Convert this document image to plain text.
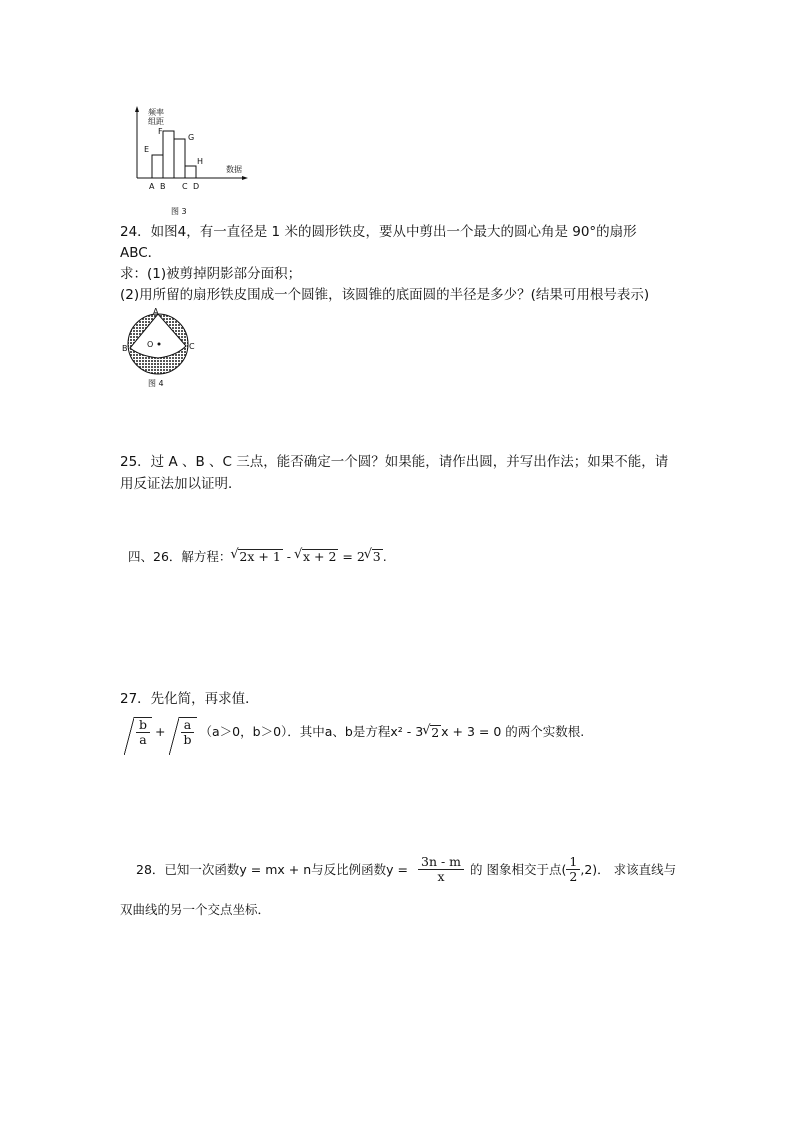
频率
组距
数据
E
F
G
H
A B C D
图 3
24．如图4，有一直径是 1 米的圆形铁皮，要从中剪出一个最大的圆心角是 90°的扇形
ABC．
求：(1)被剪掉阴影部分面积；
(2)用所留的扇形铁皮围成一个圆锥，该圆锥的底面圆的半径是多少？(结果可用根号表示)
A
B	C
O
图 4
25．过 A 、B 、C 三点，能否确定一个圆？如果能，请作出圆，并写出作法；如果不能，请
用反证法加以证明．
四、26．解方程： √ 2x + 1 - √ x + 2 = 2 √ 3 .
27．先化简，再求值．
$\frac{b}{a} + \frac{a}{b} (a>0$，b＞0）．其中a、b是方程x² - 3 √ 2 x + 3 = 0 的两个实数根.
28．已知一次函数y = mx + n与反比例函数$y = \frac{3n - m}{x}$ 的 图象相交于点( $\frac{1}{2} ,2$)． 求该直线与
双曲线的另一个交点坐标．
